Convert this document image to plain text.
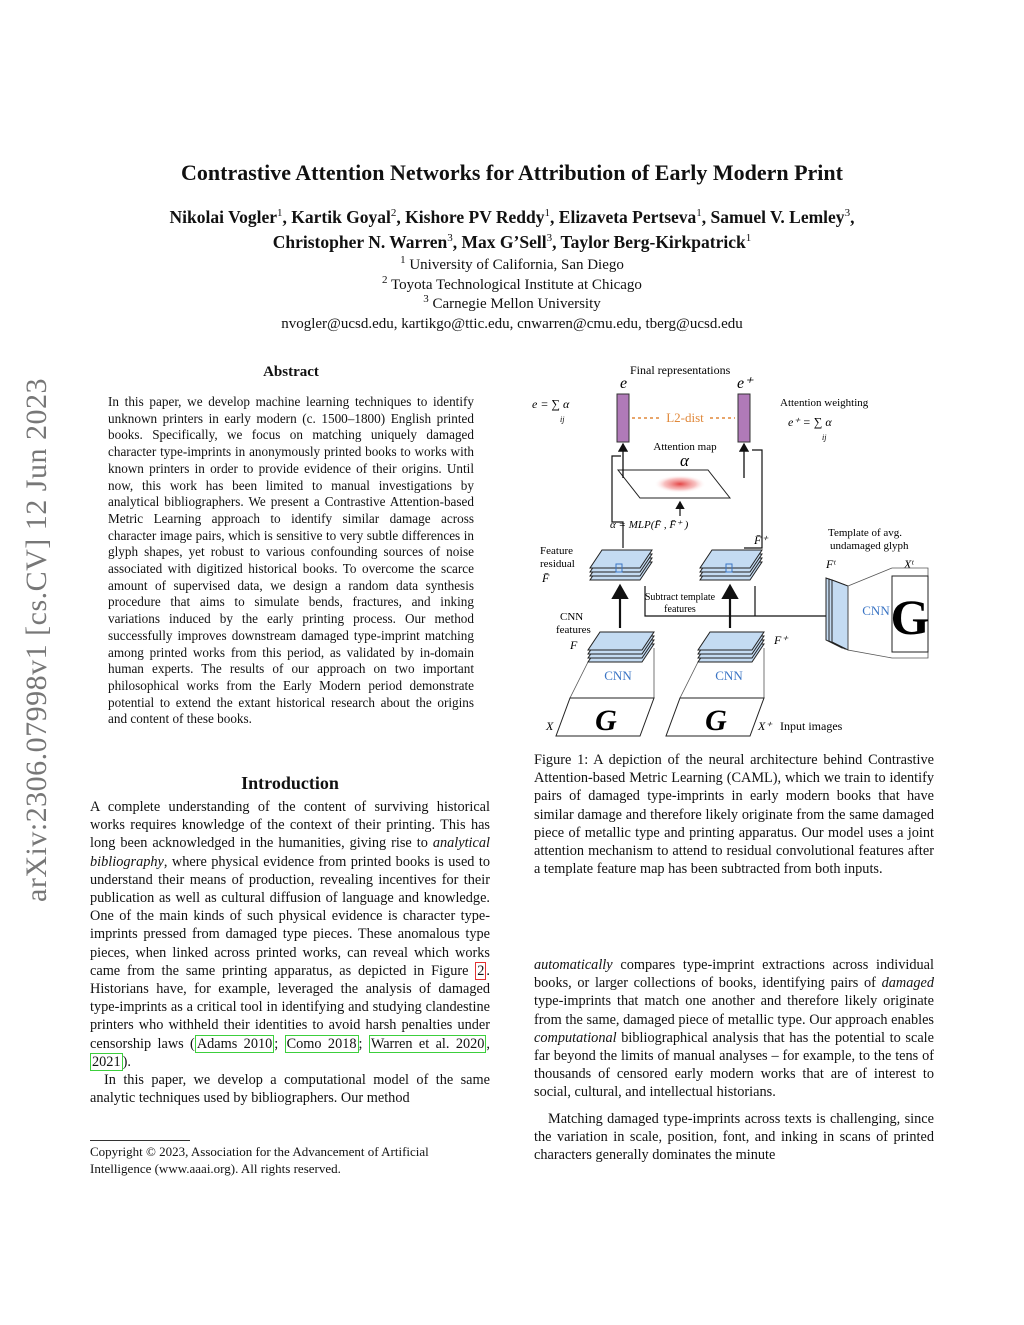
arXiv:2306.07998v1 [cs.CV] 12 Jun 2023
Contrastive Attention Networks for Attribution of Early Modern Print
Nikolai Vogler$^1$, Kartik Goyal$^2$, Kishore PV Reddy$^1$, Elizaveta Pertseva$^1$, Samuel V. Lemley$^3$,
Christopher N. Warren$^3$, Max G’Sell$^3$, Taylor Berg-Kirkpatrick$^1$
$^1$ University of California, San Diego
$^2$ Toyota Technological Institute at Chicago
$^3$ Carnegie Mellon University
nvogler@ucsd.edu, kartikgo@ttic.edu, cnwarren@cmu.edu, tberg@ucsd.edu
Abstract
In this paper, we develop machine learning techniques to identify unknown printers in early modern (c. 1500–1800) English printed books. Specifically, we focus on matching uniquely damaged character type-imprints in anonymously printed books to works with known printers in order to provide evidence of their origins. Until now, this work has been limited to manual investigations by analytical bibliographers. We present a Contrastive Attention-based Metric Learning approach to identify similar damage across character image pairs, which is sensitive to very subtle differences in glyph shapes, yet robust to various confounding sources of noise associated with digitized historical books. To overcome the scarce amount of supervised data, we design a random data synthesis procedure that aims to simulate bends, fractures, and inking variations induced by the early printing process. Our method successfully improves downstream damaged type-imprint matching among printed works from this period, as validated by in-domain human experts. The results of our approach on two important philosophical works from the Early Modern period demonstrate potential to extend the extant historical research about the origins and content of these books.
Introduction

A complete understanding of the content of surviving historical works requires knowledge of the context of their printing. This has long been acknowledged in the humanities, giving rise to analytical bibliography, where physical evidence from printed books is used to understand their means of production, revealing incentives for their publication as well as cultural diffusion of language and knowledge. One of the main kinds of such physical evidence is character type-imprints pressed from damaged type pieces. These anomalous type pieces, when linked across printed works, can reveal which works came from the same printing apparatus, as depicted in Figure 2 . Historians have, for example, leveraged the analysis of damaged type-imprints as a critical tool in identifying and studying clandestine printers who withheld their identities to avoid harsh penalties under censorship laws ( Adams 2010 ; Como 2018 ; Warren et al. 2020 , 2021 ).

In this paper, we develop a computational model of the same analytic techniques used by bibliographers. Our method

Copyright © 2023, Association for the Advancement of Artificial Intelligence (www.aaai.org). All rights reserved.
Final representations
e	e⁺
L2-dist
e = ∑ α
ij
Attention weighting
e⁺ = ∑ α
ij
Attention map
α
α = MLP(F̄ , F̄⁺ )
F̄⁺
Feature
residual
F̄
Subtract template
features
Template of avg.
undamaged glyph
Fᵗ	Xᵗ
CNN G
CNN
features
F	F⁺
CNN	CNN
G	G
X	X⁺ Input images
Figure 1: A depiction of the neural architecture behind Contrastive Attention-based Metric Learning (CAML), which we train to identify pairs of damaged type-imprints in early modern books that have similar damage and therefore likely originate from the same damaged piece of metallic type and printing apparatus. Our model uses a joint attention mechanism to attend to residual convolutional features after a template feature map has been subtracted from both inputs.

automatically compares type-imprint extractions across individual books, or larger collections of books, identifying pairs of damaged type-imprints that match one another and therefore likely originate from the same, damaged piece of metallic type. Our approach enables computational bibliographical analysis that has the potential to scale far beyond the limits of manual analyses – for example, to the tens of thousands of censored early modern works that are of interest to social, cultural, and intellectual historians.

Matching damaged type-imprints across texts is challenging, since the variation in scale, position, font, and inking in scans of printed characters generally dominates the minute
